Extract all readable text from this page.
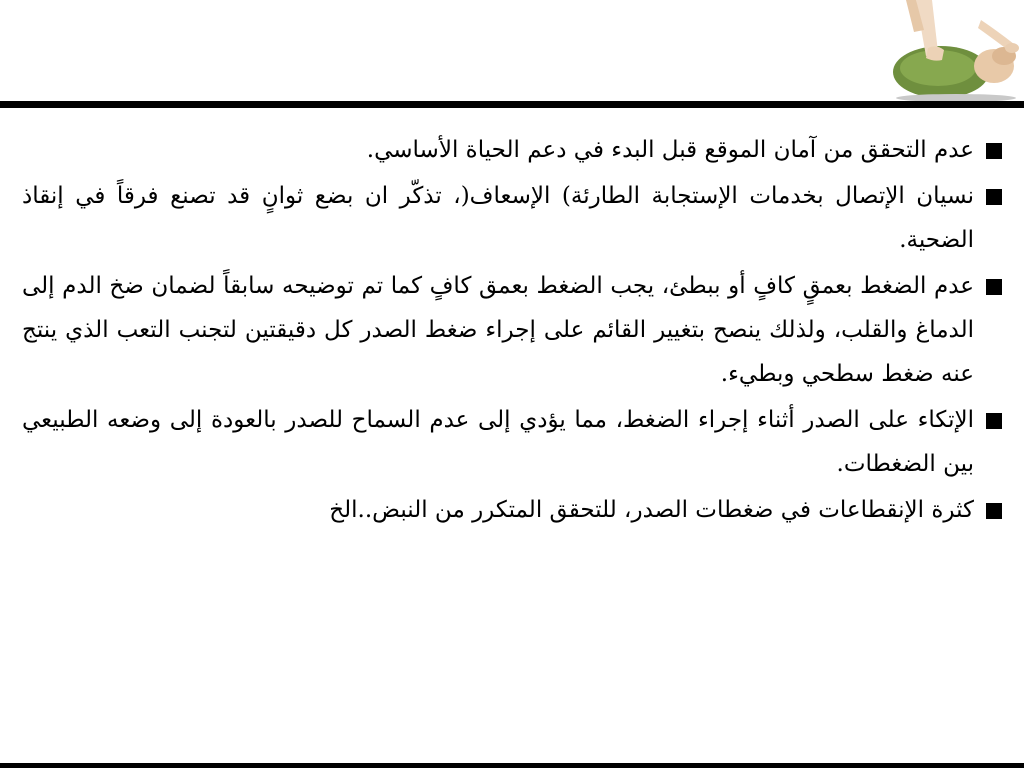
عدم التحقق من آمان الموقع قبل البدء في دعم الحياة الأساسي.
نسيان الإتصال بخدمات الإستجابة الطارئة) الإسعاف(، تذكّر ان بضع ثوانٍ قد تصنع فرقاً في إنقاذ الضحية.
عدم الضغط بعمقٍ كافٍ أو ببطئ، يجب الضغط بعمق كافٍ كما تم توضيحه سابقاً لضمان ضخ الدم إلى الدماغ والقلب، ولذلك ينصح بتغيير القائم على إجراء ضغط الصدر كل دقيقتين لتجنب التعب الذي ينتج عنه ضغط سطحي وبطيء.
الإتكاء على الصدر أثناء إجراء الضغط، مما يؤدي إلى عدم السماح للصدر بالعودة إلى وضعه الطبيعي بين الضغطات.
كثرة الإنقطاعات في ضغطات الصدر، للتحقق المتكرر من النبض..الخ
